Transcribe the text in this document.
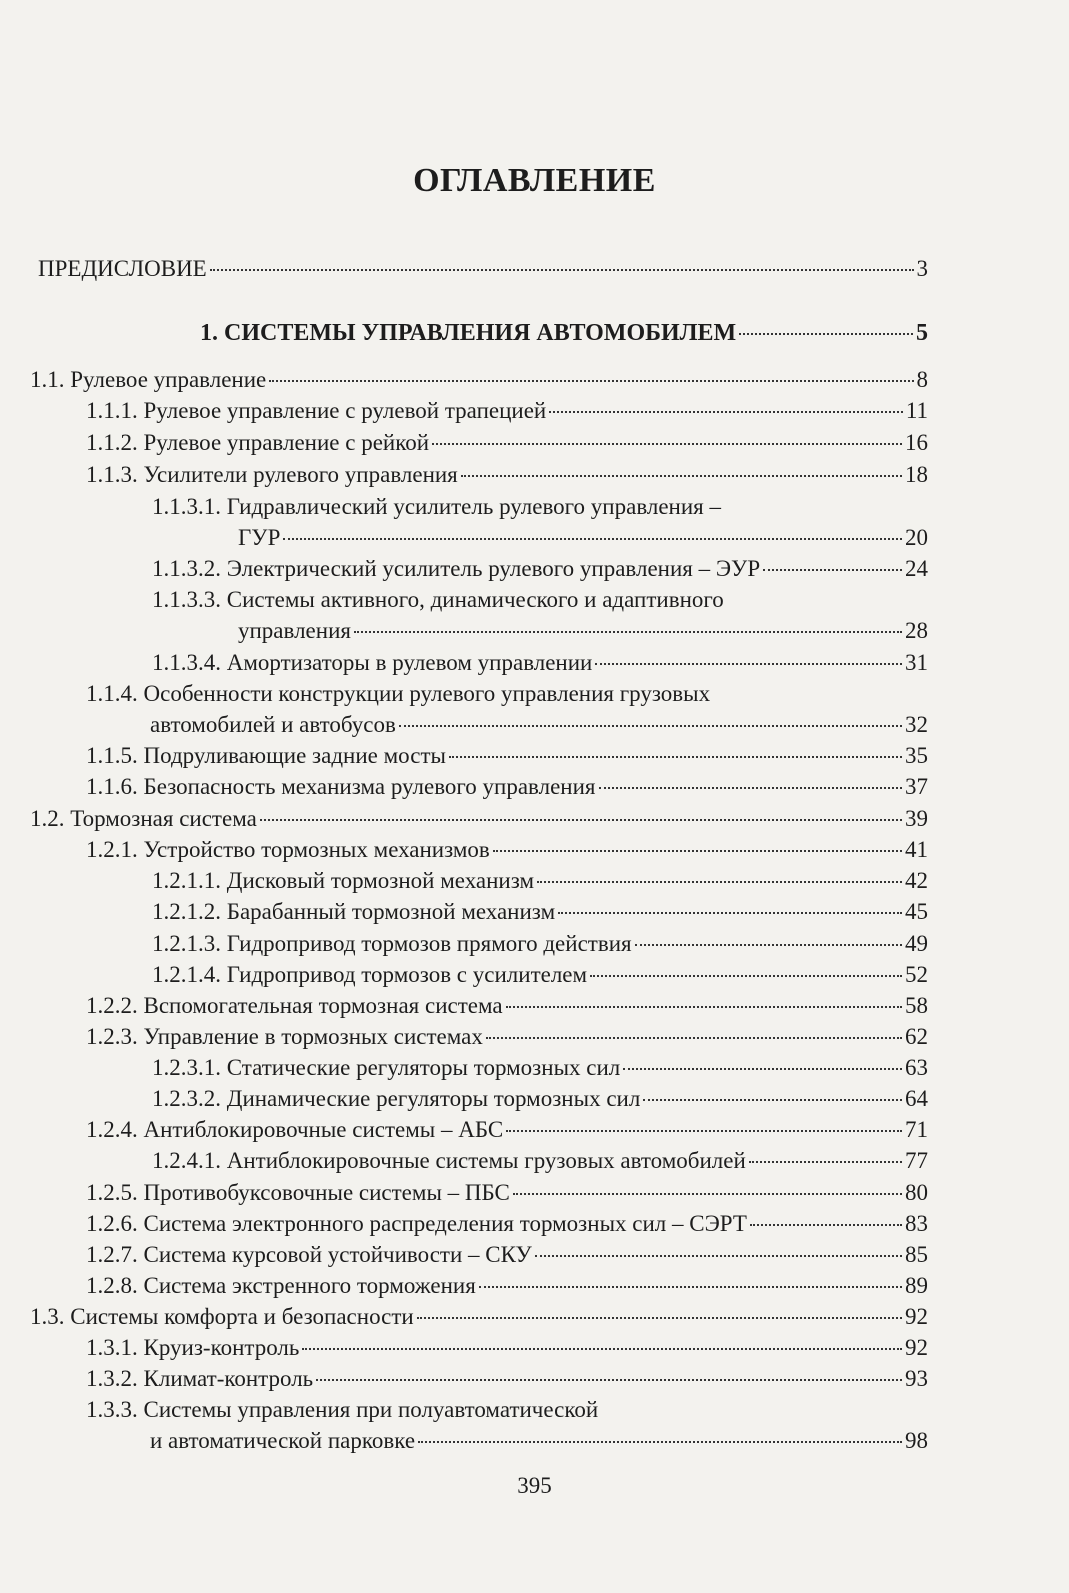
ОГЛАВЛЕНИЕ
ПРЕДИСЛОВИЕ	3
1. СИСТЕМЫ УПРАВЛЕНИЯ АВТОМОБИЛЕМ	5
1.1. Рулевое управление	8
1.1.1. Рулевое управление с рулевой трапецией	11
1.1.2. Рулевое управление с рейкой	16
1.1.3. Усилители рулевого управления	18
1.1.3.1. Гидравлический усилитель рулевого управления –
ГУР	20
1.1.3.2. Электрический усилитель рулевого управления – ЭУР	24
1.1.3.3. Системы активного, динамического и адаптивного
управления	28
1.1.3.4. Амортизаторы в рулевом управлении	31
1.1.4. Особенности конструкции рулевого управления грузовых
автомобилей и автобусов	32
1.1.5. Подруливающие задние мосты	35
1.1.6. Безопасность механизма рулевого управления	37
1.2. Тормозная система	39
1.2.1. Устройство тормозных механизмов	41
1.2.1.1. Дисковый тормозной механизм	42
1.2.1.2. Барабанный тормозной механизм	45
1.2.1.3. Гидропривод тормозов прямого действия	49
1.2.1.4. Гидропривод тормозов с усилителем	52
1.2.2. Вспомогательная тормозная система	58
1.2.3. Управление в тормозных системах	62
1.2.3.1. Статические регуляторы тормозных сил	63
1.2.3.2. Динамические регуляторы тормозных сил	64
1.2.4. Антиблокировочные системы – АБС	71
1.2.4.1. Антиблокировочные системы грузовых автомобилей	77
1.2.5. Противобуксовочные системы – ПБС	80
1.2.6. Система электронного распределения тормозных сил – СЭРТ	83
1.2.7. Система курсовой устойчивости – СКУ	85
1.2.8. Система экстренного торможения	89
1.3. Системы комфорта и безопасности	92
1.3.1. Круиз-контроль	92
1.3.2. Климат-контроль	93
1.3.3. Системы управления при полуавтоматической
и автоматической парковке	98
395
